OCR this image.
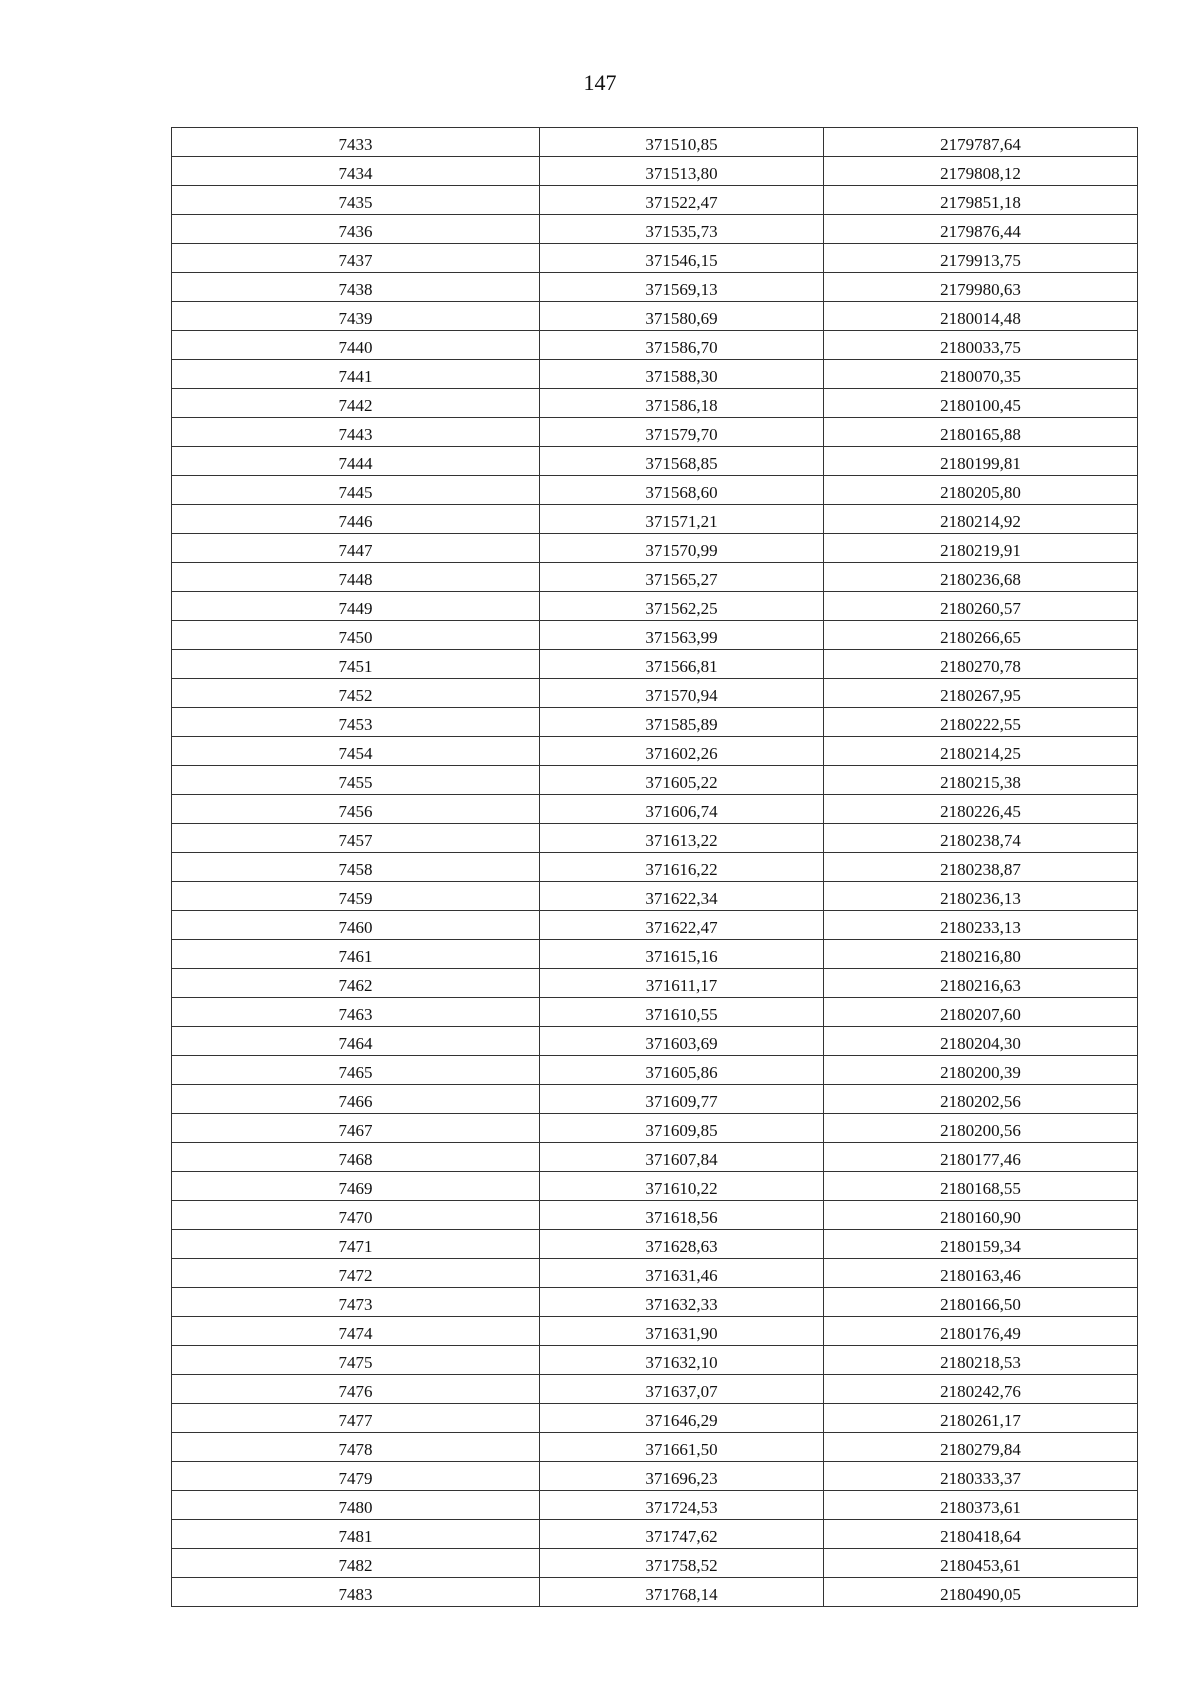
147
7433	371510,85	2179787,64
7434	371513,80	2179808,12
7435	371522,47	2179851,18
7436	371535,73	2179876,44
7437	371546,15	2179913,75
7438	371569,13	2179980,63
7439	371580,69	2180014,48
7440	371586,70	2180033,75
7441	371588,30	2180070,35
7442	371586,18	2180100,45
7443	371579,70	2180165,88
7444	371568,85	2180199,81
7445	371568,60	2180205,80
7446	371571,21	2180214,92
7447	371570,99	2180219,91
7448	371565,27	2180236,68
7449	371562,25	2180260,57
7450	371563,99	2180266,65
7451	371566,81	2180270,78
7452	371570,94	2180267,95
7453	371585,89	2180222,55
7454	371602,26	2180214,25
7455	371605,22	2180215,38
7456	371606,74	2180226,45
7457	371613,22	2180238,74
7458	371616,22	2180238,87
7459	371622,34	2180236,13
7460	371622,47	2180233,13
7461	371615,16	2180216,80
7462	371611,17	2180216,63
7463	371610,55	2180207,60
7464	371603,69	2180204,30
7465	371605,86	2180200,39
7466	371609,77	2180202,56
7467	371609,85	2180200,56
7468	371607,84	2180177,46
7469	371610,22	2180168,55
7470	371618,56	2180160,90
7471	371628,63	2180159,34
7472	371631,46	2180163,46
7473	371632,33	2180166,50
7474	371631,90	2180176,49
7475	371632,10	2180218,53
7476	371637,07	2180242,76
7477	371646,29	2180261,17
7478	371661,50	2180279,84
7479	371696,23	2180333,37
7480	371724,53	2180373,61
7481	371747,62	2180418,64
7482	371758,52	2180453,61
7483	371768,14	2180490,05
